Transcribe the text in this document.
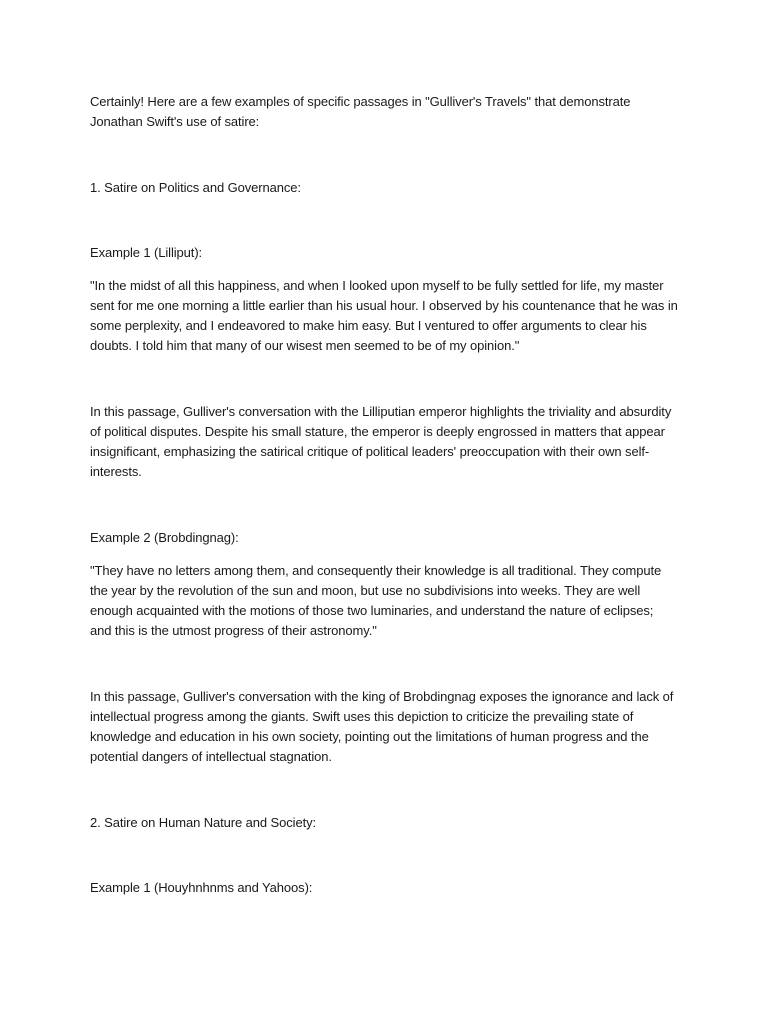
Certainly! Here are a few examples of specific passages in "Gulliver's Travels" that demonstrate
Jonathan Swift's use of satire:

1. Satire on Politics and Governance:

Example 1 (Lilliput):

"In the midst of all this happiness, and when I looked upon myself to be fully settled for life, my master
sent for me one morning a little earlier than his usual hour. I observed by his countenance that he was in
some perplexity, and I endeavored to make him easy. But I ventured to offer arguments to clear his
doubts. I told him that many of our wisest men seemed to be of my opinion."

In this passage, Gulliver's conversation with the Lilliputian emperor highlights the triviality and absurdity
of political disputes. Despite his small stature, the emperor is deeply engrossed in matters that appear
insignificant, emphasizing the satirical critique of political leaders' preoccupation with their own self-
interests.

Example 2 (Brobdingnag):

"They have no letters among them, and consequently their knowledge is all traditional. They compute
the year by the revolution of the sun and moon, but use no subdivisions into weeks. They are well
enough acquainted with the motions of those two luminaries, and understand the nature of eclipses;
and this is the utmost progress of their astronomy."

In this passage, Gulliver's conversation with the king of Brobdingnag exposes the ignorance and lack of
intellectual progress among the giants. Swift uses this depiction to criticize the prevailing state of
knowledge and education in his own society, pointing out the limitations of human progress and the
potential dangers of intellectual stagnation.

2. Satire on Human Nature and Society:

Example 1 (Houyhnhnms and Yahoos):
